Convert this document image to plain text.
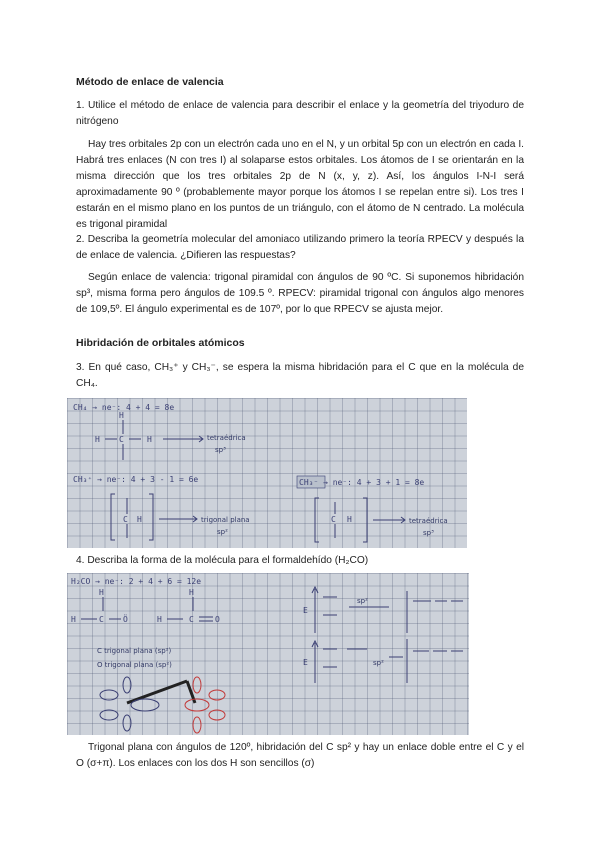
Método de enlace de valencia
1. Utilice el método de enlace de valencia para describir el enlace y la geometría del triyoduro de nitrógeno
Hay tres orbitales 2p con un electrón cada uno en el N, y un orbital 5p con un electrón en cada I. Habrá tres enlaces (N con tres I) al solaparse estos orbitales. Los átomos de I se orientarán en la misma dirección que los tres orbitales 2p de N (x, y, z). Así, los ángulos I-N-I será aproximadamente 90 º (probablemente mayor porque los átomos I se repelan entre si). Los tres I estarán en el mismo plano en los puntos de un triángulo, con el átomo de N centrado. La molécula es trigonal piramidal
2. Describa la geometría molecular del amoniaco utilizando primero la teoría RPECV y después la de enlace de valencia. ¿Difieren las respuestas?
Según enlace de valencia: trigonal piramidal con ángulos de 90 ºC. Si suponemos hibridación sp³, misma forma pero ángulos de 109.5 º. RPECV: piramidal trigonal con ángulos algo menores de 109,5º. El ángulo experimental es de 107º, por lo que RPECV se ajusta mejor.
Hibridación de orbitales atómicos
3. En qué caso, CH₃⁺ y CH₃⁻, se espera la misma hibridación para el C que en la molécula de CH₄.
CH₄ → ne⁻: 4 + 4 = 8e
C
H
H	H	tetraédrica
sp³
CH₃⁺ → ne⁻: 4 + 3 - 1 = 6e
C H	trigonal plana
sp²
CH₃⁻ → ne⁻: 4 + 3 + 1 = 8e
C H	tetraédrica
sp³
4. Describa la forma de la molécula para el formaldehído (H₂CO)
H₂CO → ne⁻: 2 + 4 + 6 = 12e
H
H	C Ö
H
H	C	O
C trigonal plana (sp²)
O trigonal plana (sp²)
E
E
sp²
sp²
Trigonal plana con ángulos de 120º, hibridación del C sp² y hay un enlace doble entre el C y el O (σ+π). Los enlaces con los dos H son sencillos (σ)
